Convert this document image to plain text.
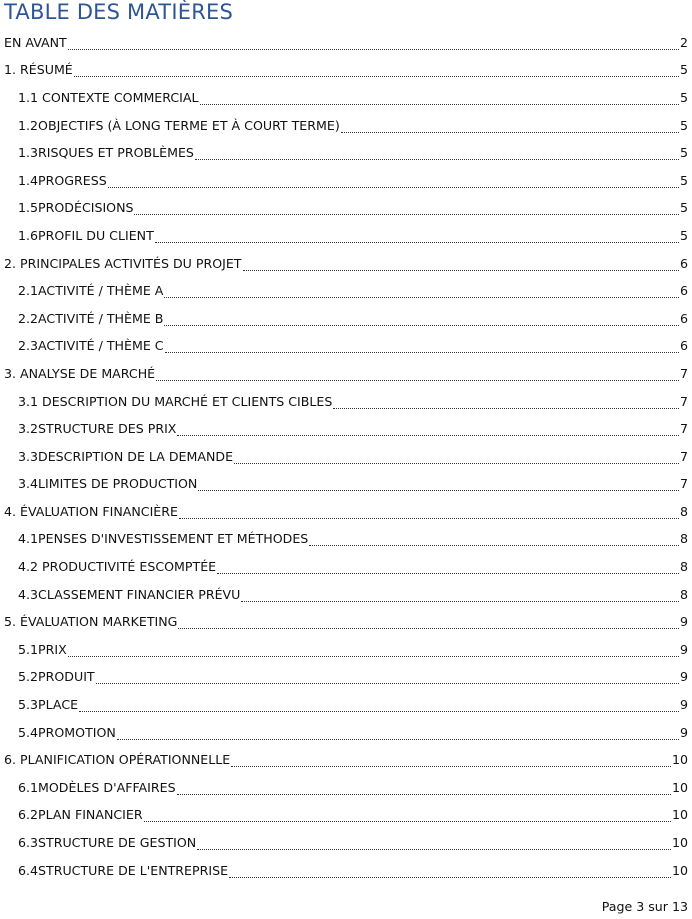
TABLE DES MATIÈRES
EN AVANT	2
1. RÉSUMÉ	5
1.1 CONTEXTE COMMERCIAL	5
1.2OBJECTIFS (À LONG TERME ET À COURT TERME)	5
1.3RISQUES ET PROBLÈMES	5
1.4PROGRESS	5
1.5PRODÉCISIONS	5
1.6PROFIL DU CLIENT	5
2. PRINCIPALES ACTIVITÉS DU PROJET	6
2.1ACTIVITÉ / THÈME A	6
2.2ACTIVITÉ / THÈME B	6
2.3ACTIVITÉ / THÈME C	6
3. ANALYSE DE MARCHÉ	7
3.1 DESCRIPTION DU MARCHÉ ET CLIENTS CIBLES	7
3.2STRUCTURE DES PRIX	7
3.3DESCRIPTION DE LA DEMANDE	7
3.4LIMITES DE PRODUCTION	7
4. ÉVALUATION FINANCIÈRE	8
4.1PENSES D'INVESTISSEMENT ET MÉTHODES	8
4.2 PRODUCTIVITÉ ESCOMPTÉE	8
4.3CLASSEMENT FINANCIER PRÉVU	8
5. ÉVALUATION MARKETING	9
5.1PRIX	9
5.2PRODUIT	9
5.3PLACE	9
5.4PROMOTION	9
6. PLANIFICATION OPÉRATIONNELLE	10
6.1MODÈLES D'AFFAIRES	10
6.2PLAN FINANCIER	10
6.3STRUCTURE DE GESTION	10
6.4STRUCTURE DE L'ENTREPRISE	10
Page 3 sur 13
